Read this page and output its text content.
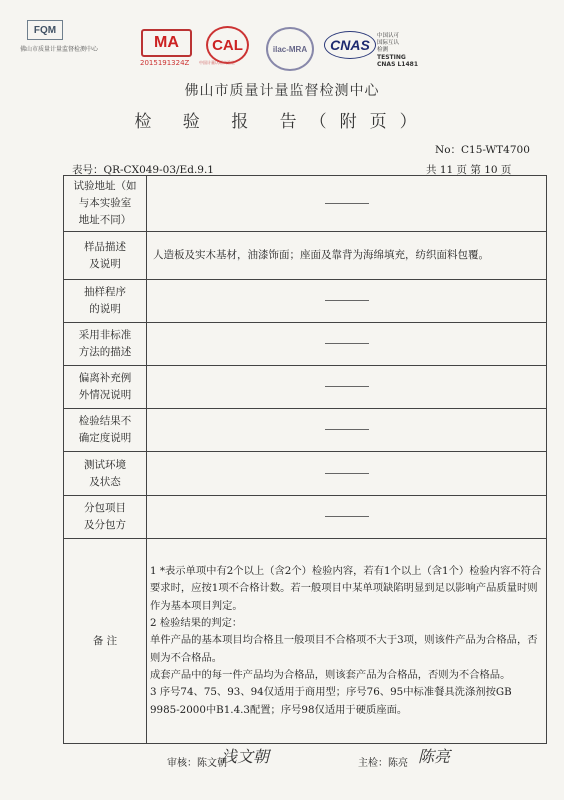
FQM
佛山市质量计量监督检测中心	MA
2015191324Z
CAL
中国计量认证实验室
ilac-MRA	CNAS
中国认可
国际互认
检测
TESTING
CNAS L1481
佛山市质量计量监督检测中心
检 验 报 告（附页）
No：C15-WT4700
表号：QR-CX049-03/Ed.9.1	共 11 页 第 10 页
试验地址（如
与本实验室
地址不同）	

样品描述
及说明	人造板及实木基材，油漆饰面；座面及靠背为海绵填充，纺织面料包覆。

抽样程序
的说明	

采用非标准
方法的描述	

偏离补充例
外情况说明	

检验结果不
确定度说明	

测试环境
及状态	

分包项目
及分包方	

备 注	1 *表示单项中有2个以上（含2个）检验内容，若有1个以上（含1个）检验内容不符合要求时，应按1项不合格计数。若一般项目中某单项缺陷明显到足以影响产品质量时则作为基本项目判定。

2 检验结果的判定：

单件产品的基本项目均合格且一般项目不合格项不大于3项，则该件产品为合格品，否则为不合格品。

成套产品中的每一件产品均为合格品，则该套产品为合格品，否则为不合格品。

3 序号74、75、93、94仅适用于商用型；序号76、95中标准餐具洗涤剂按GB 9985-2000中B1.4.3配置；序号98仅适用于硬质座面。

审核：陈文朝
浅文朝	主检：陈亮 陈亮
